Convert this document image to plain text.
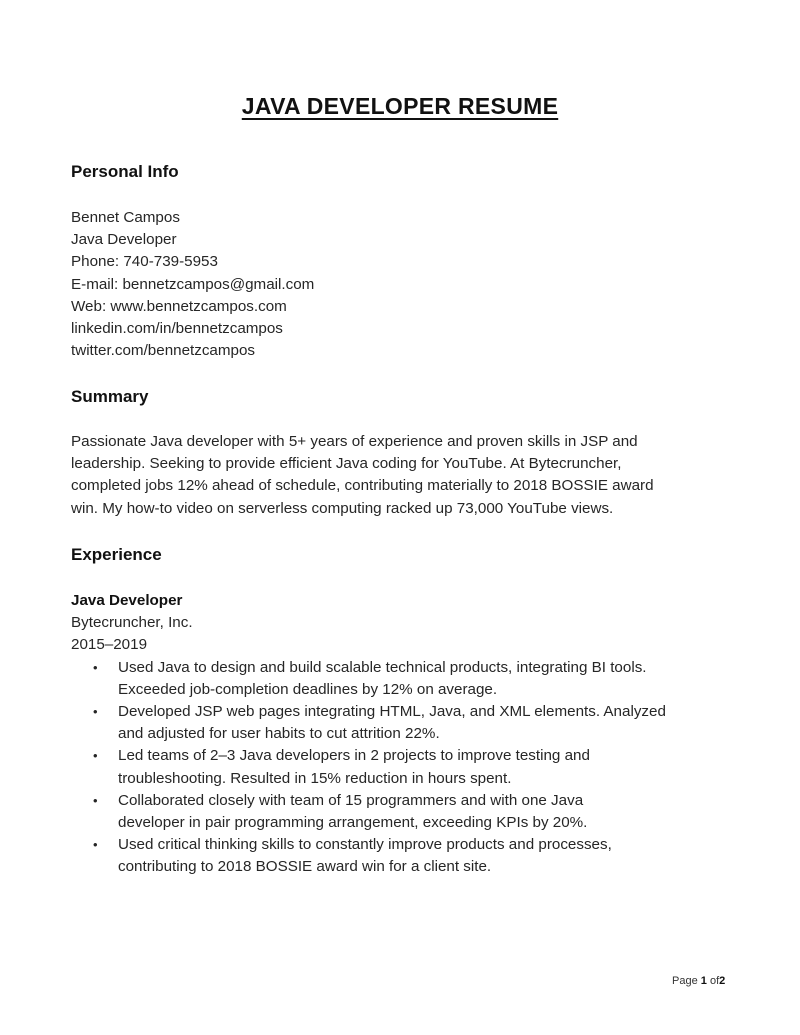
JAVA DEVELOPER RESUME
Personal Info
Bennet Campos
Java Developer
Phone: 740-739-5953
E-mail: bennetzcampos@gmail.com
Web: www.bennetzcampos.com
linkedin.com/in/bennetzcampos
twitter.com/bennetzcampos
Summary
Passionate Java developer with 5+ years of experience and proven skills in JSP and
leadership. Seeking to provide efficient Java coding for YouTube. At Bytecruncher,
completed jobs 12% ahead of schedule, contributing materially to 2018 BOSSIE award
win. My how-to video on serverless computing racked up 73,000 YouTube views.
Experience
Java Developer
Bytecruncher, Inc.
2015–2019
• Used Java to design and build scalable technical products, integrating BI tools.
Exceeded job-completion deadlines by 12% on average.
• Developed JSP web pages integrating HTML, Java, and XML elements. Analyzed
and adjusted for user habits to cut attrition 22%.
• Led teams of 2–3 Java developers in 2 projects to improve testing and
troubleshooting. Resulted in 15% reduction in hours spent.
• Collaborated closely with team of 15 programmers and with one Java
developer in pair programming arrangement, exceeding KPIs by 20%.
• Used critical thinking skills to constantly improve products and processes,
contributing to 2018 BOSSIE award win for a client site.
Page 1 of2
